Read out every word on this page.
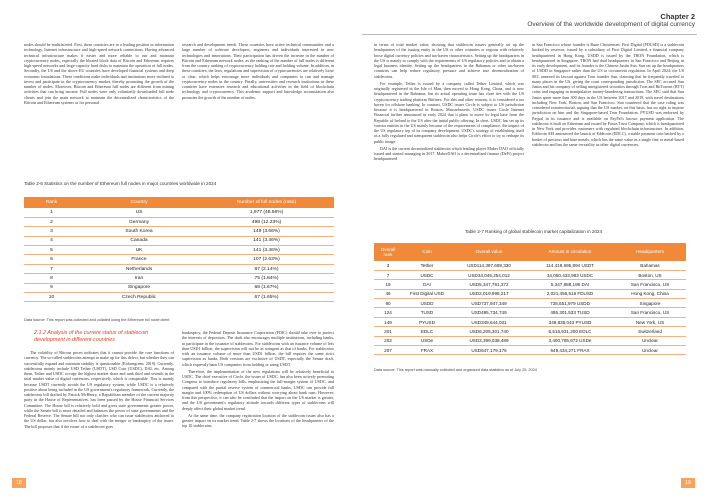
Chapter 2
Overview of the worldwide development of digital currency

nodes should be multifaceted. First, these countries are in a leading position in information technology, Internet infrastructure and high-speed network connections. Having advanced technical infrastructure makes it easier and more reliable to run and maintain cryptocurrency nodes, especially the bloated block data of Bitcoin and Ethereum requires high-speed networks and large-capacity hard disks to maintain the operation of full nodes. Secondly, the US and the above EU countries have developed financial systems and deep economic foundations. These conditions make individuals and institutions more inclined to invest and participate in the cryptocurrency market, thereby promoting the growth of the number of nodes. Moreover, Bitcoin and Ethereum full nodes are different from mining activities that can bring income. Full nodes were only voluntarily downloaded full node clients and join the main network to maintain the decentralized characteristics of the Bitcoin and Ethereum systems or for personal

research and development needs. These countries have active technical communities and a large number of software developers, engineers and individuals interested in new technologies and innovations. Their participation has driven the increase in the number of Bitcoin and Ethereum network nodes, as the ranking of the number of full nodes is different from the country ranking of cryptocurrency holding rate and holding volume. In addition, in these countries, the laws, regulations and supervision of cryptocurrencies are relatively loose or clear, which helps encourage more individuals and companies to run and manage cryptocurrency nodes in the country. Finally, universities and research institutions in these countries have extensive research and educational activities in the field of blockchain technology and cryptocurrency. This academic support and knowledge accumulation also promotes the growth of the number of nodes.

Table 2-6 Statistics on the number of Ethereum full nodes in major countries worldwide in 2024
Rank	Country	Number of full nodes (ratio)
1	US	1,977 (48.56%)
2	Germany	498 (12.23%)
3	South Korea	149 (3.66%)
4	Canada	141 (3.46%)
5	UK	141 (3.46%)
6	France	107 (2.63%)
7	Netherlands	87 (2.14%)
8	Iran	75 (1.84%)
9	Singapore	68 (1.67%)
10	Czech Republic	67 (1.65%)
Data source: This report was collected and collated using the Ethereum full node client
2.1.2 Analysis of the current status of stablecoin development in different countries

The volatility of Bitcoin prices indicates that it cannot provide the core functions of currency. The so-called stablecoins attempt to make up for this defect, but whether they can successfully expand and maintain stability is questionable (Eichengreen, 2019). Currently, stablecoins mainly include USD Tether (USDT), USD Coin (USDC), DAI, etc. Among them, Tether and USDC occupy the highest market share and rank third and seventh in the total market value of digital currencies, respectively, which is comparable. This is mainly because USDT currently avoids the US regulatory system, while USDC is a relatively positive about being included in the US government's regulatory framework. Currently, the stablecoins bill drafted by Patrick McHenry, a Republican member of the current majority party in the House of Representatives, has been passed by the House Financial Services Committee. The House bill is relatively bold and gives state governments greater power, while the Senate bill is more detailed and balances the power of state governments and the Federal Reserve. The Senate bill not only clarifies who can issue stablecoins anchored to the US dollar, but also involves how to deal with the merger or bankruptcy of the issuer. The bill proposes that if the issuer of a stablecoin goes

bankruptcy, the Federal Deposit Insurance Corporation (FDIC) should take over to protect the interests of depositors. The draft also encourages multiple institutions, including banks, to participate in the issuance of stablecoins. For stablecoins with an issuance volume of less than USD1 billion, the supervision will not be as stringent as that of banks. For stablecoins with an issuance volume of more than USD1 billion, the bill requires the same strict supervision as banks. Both versions are exclusive of USDT, especially the Senate draft, which expressly bans US companies from holding or using USDT.

Therefore, the implementation of the new regulations will be relatively beneficial to USDC. The chief executive of Circle, the issuer of USDC, has also been actively promoting Congress to introduce regulatory bills, emphasizing the full-margin system of USDC, and compared with the partial reserve system of commercial banks, USDC can provide full margin and 100% redemption of US dollars without worrying about bank runs. However, from this perspective, it can also be concluded that the impact on the US market is greater, and the US government's regulatory attitude towards different types of stablecoins will deeply affect their global market trend.

At the same time, the company registration location of the stablecoin issuer also has a greater impact on its market trend. Table 2-7 shows the locations of the headquarters of the top 10 stablecoins

in terms of total market value, showing that stablecoin issuers generally set up the headquarters of the issuing entity in the US or other countries or regions with relatively loose digital currency policies and tax-haven characteristics. Setting up the headquarters in the US is mainly to comply with the requirements of US regulatory policies and to obtain a legal business identity. Setting up the headquarters in the Bahamas or other tax-haven countries can help reduce regulatory pressure and achieve true decentralization of stablecoins.

For example, Tether is issued by a company called Tether Limited, which was originally registered in the Isle of Man, then moved to Hong Kong, China, and is now headquartered in the Bahamas, but its actual operating team has close ties with the US cryptocurrency trading platform Bitfinex. For this and other reasons, it is considered a tax haven for offshore banking. In contrast, USDC issuer Circle is subject to US jurisdiction because it is headquartered in Boston, Massachusetts. USDC issuer Circle Internet Financial further announced in early 2024 that it plans to move its legal base from the Republic of Ireland to the US after the initial public offering. In short, USDC has set up its various entities in the US mainly because of the requirements of compliance, the impact of the US regulatory top of its company development. USDC's strategy of establishing itself as a fully regulated and transparent stablecoin also helps Circle's effort to try to reshape its public image.

DAI is the current decentralized stablecoin which leading player Maker DAO officially issued and started managing in 2017. MakerDAO is a decentralized finance (DeFi) project headquartered

in San Francisco whose founder is Rune Christensen. First Digital (FDUSD) is a stablecoin backed by reserves, issued by a subsidiary of First Digital Limited, a financial company headquartered in Hong Kong. USDD is issued by the TRON Foundation, which is headquartered in Singapore. TRON had dual headquarters in San Francisco and Beijing in its early development, and its founder is the Chinese Justin Sun. Sun set up the headquarters of USDD in Singapore rather than the US to circumvent regulation. In April 2024, the US SEC annexed its lawsuit against Tron founder Sun, claiming that he frequently traveled to many places in the US, giving the court corresponding jurisdiction. The SEC accused Sun Justin and his company of selling unregistered securities through Tron and BitTorrent (BTT) coins and engaging in manipulative money-laundering transactions. The SEC said that Sun Justin spent more than 300 days in the US between 2017 and 2019, with travel destinations including New York, Boston, and San Francisco. Sun countered that the case ruling was considered extraterritorial, arguing that the US market, on this basis, has no right to impose jurisdiction on him and the Singapore-based Tron Foundation. PYUSD was endorsed by Paypal in its issuance and is available on PayPal's known payment application. The stablecoin is built on Ethereum and issued by Paxos Trust Company, which is headquartered in New York and provides customers with regulated blockchain infrastructure. In addition, Eddicoin AEI announced the launch of Eddicoin (EDLC), a stable payment coin backed by a basket of precious and base metals, which has the same value as a single fine or metal-based stablecoin and has the same versatility as other digital currencies.

Table 2-7 Ranking of global stablecoin market capitalization in 2024
Overall rank	Coin	Overall value	Amount in circulation	Headquarters
3	Tether	USD114,397,689,330	114,419,695,894 USDT	Bahamas
7	USDC	USD34,045,254,012	34,050,433,983 USDC	Boston, US
19	DAI	USD5,347,781,372	5,347,888,196 DAI	San Francisco, US
46	First Digital USD	USD2,019,998,217	2,021,456,516 FDUSD	Hong Kong, China
90	USDD	USD737,947,349	738,651,979 USDD	Singapore
124	TUSD	USD495,734,749	495,301,533 TUSD	San Francisco, US
149	PYUSD	USD349,644,031	349,835,043 PYUSD	New York, US
201	EDLC	USD6,205,301,740	5,516,931,200 EDLC	Switzerland
202	USDe	USD3,399,038,489	3,400,785,672 USDe	Unclear
207	FRAX	USD647,179,176	649,434,271 FRAX	Unclear
Data source: This report was manually collected and organized data statistics as of July 25, 2024
18	19
